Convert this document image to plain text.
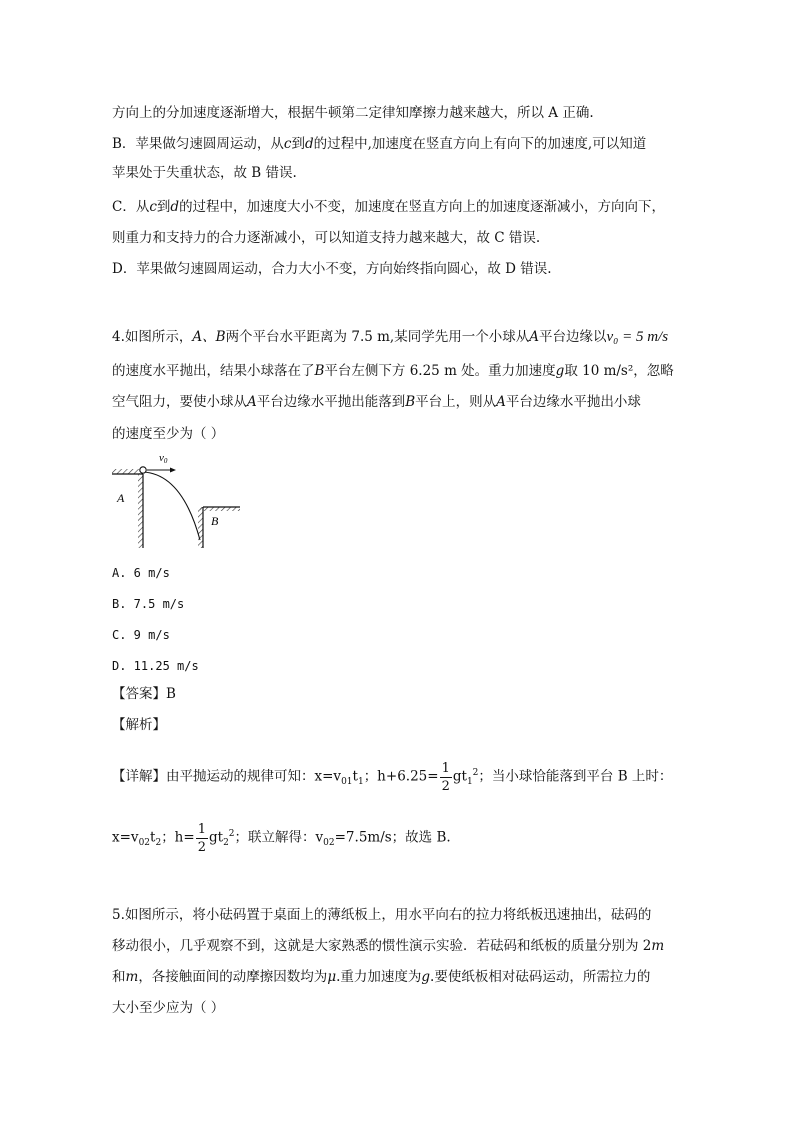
方向上的分加速度逐渐增大，根据牛顿第二定律知摩擦力越来越大，所以 A 正确.
B．苹果做匀速圆周运动，从c到d的过程中,加速度在竖直方向上有向下的加速度,可以知道
苹果处于失重状态，故 B 错误.
C．从c到d的过程中，加速度大小不变，加速度在竖直方向上的加速度逐渐减小，方向向下，
则重力和支持力的合力逐渐减小，可以知道支持力越来越大，故 C 错误.
D．苹果做匀速圆周运动，合力大小不变，方向始终指向圆心，故 D 错误.
4.如图所示，A、B两个平台水平距离为 7.5 m,某同学先用一个小球从A平台边缘以v₀ = 5 m/s
的速度水平抛出，结果小球落在了B平台左侧下方 6.25 m 处。重力加速度g取 10 m/s²，忽略
空气阻力，要使小球从A平台边缘水平抛出能落到B平台上，则从A平台边缘水平抛出小球
的速度至少为（ ）
v0
A
B
A. 6 m/s
B. 7.5 m/s
C. 9 m/s
D. 11.25 m/s
【答案】B
【解析】
【详解】由平抛运动的规律可知：$x=v_{01}t_1$；$h+6.25= \frac{1}{2} gt_1^2$；当小球恰能落到平台 B 上时：
$x=v_{02}t_2$；$h= \frac{1}{2} gt_2^2$；联立解得：$v_{02}=7.5m/s$；故选 B.
5.如图所示，将小砝码置于桌面上的薄纸板上，用水平向右的拉力将纸板迅速抽出，砝码的
移动很小，几乎观察不到，这就是大家熟悉的惯性演示实验．若砝码和纸板的质量分别为 2m
和m，各接触面间的动摩擦因数均为μ.重力加速度为g.要使纸板相对砝码运动，所需拉力的
大小至少应为（ ）
